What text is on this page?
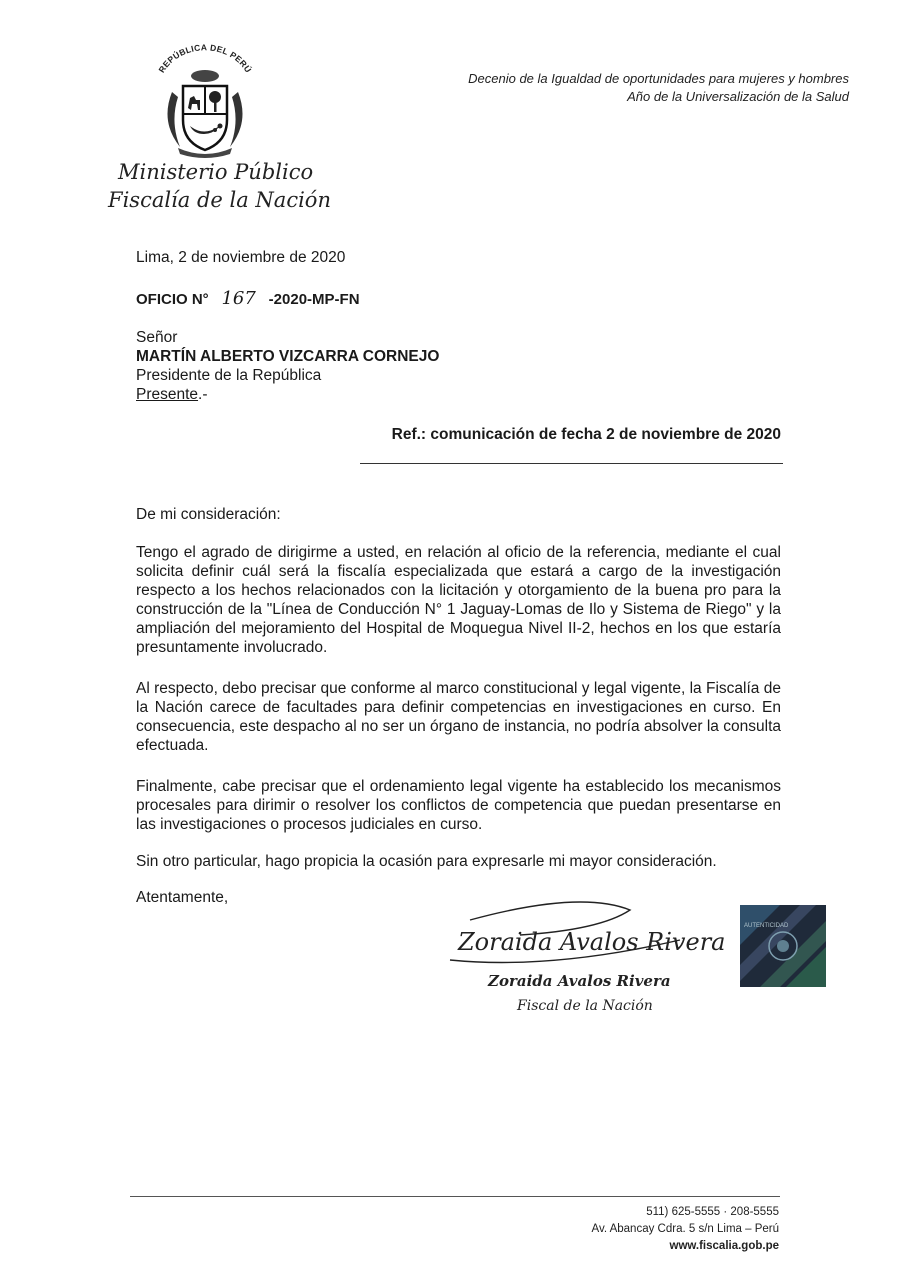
REPÚBLICA DEL PERÚ
Ministerio Público
Fiscalía de la Nación
Decenio de la Igualdad de oportunidades para mujeres y hombres
Año de la Universalización de la Salud
Lima, 2 de noviembre de 2020
OFICIO N° 167 -2020-MP-FN
Señor
MARTÍN ALBERTO VIZCARRA CORNEJO
Presidente de la República
Presente.-
Ref.: comunicación de fecha 2 de noviembre de 2020
De mi consideración:
Tengo el agrado de dirigirme a usted, en relación al oficio de la referencia, mediante el cual solicita definir cuál será la fiscalía especializada que estará a cargo de la investigación respecto a los hechos relacionados con la licitación y otorgamiento de la buena pro para la construcción de la "Línea de Conducción N° 1 Jaguay-Lomas de Ilo y Sistema de Riego" y la ampliación del mejoramiento del Hospital de Moquegua Nivel II-2, hechos en los que estaría presuntamente involucrado.
Al respecto, debo precisar que conforme al marco constitucional y legal vigente, la Fiscalía de la Nación carece de facultades para definir competencias en investigaciones en curso. En consecuencia, este despacho al no ser un órgano de instancia, no podría absolver la consulta efectuada.
Finalmente, cabe precisar que el ordenamiento legal vigente ha establecido los mecanismos procesales para dirimir o resolver los conflictos de competencia que puedan presentarse en las investigaciones o procesos judiciales en curso.
Sin otro particular, hago propicia la ocasión para expresarle mi mayor consideración.
Atentamente,
Zoraida Avalos Rivera
Zoraida Avalos Rivera
Fiscal de la Nación
AUTENTICIDAD
511) 625-5555 · 208-5555
Av. Abancay Cdra. 5 s/n Lima – Perú
www.fiscalia.gob.pe
